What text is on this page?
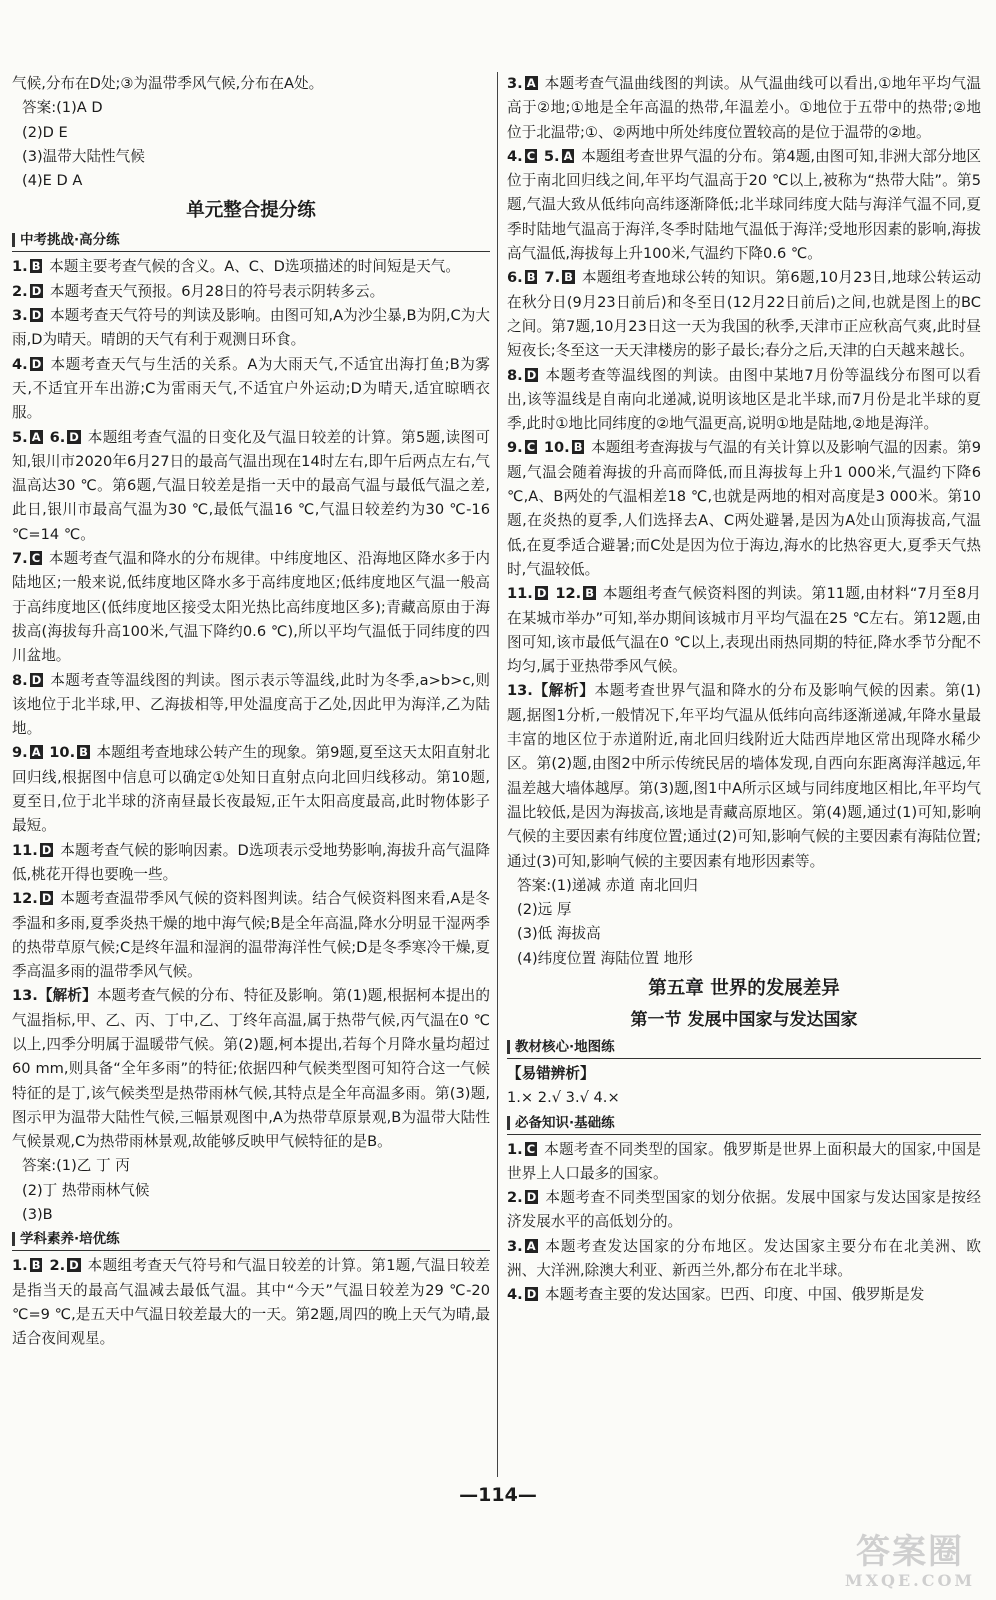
气候,分布在D处;③为温带季风气候,分布在A处。

答案:(1)A D

(2)D E

(3)温带大陆性气候

(4)E D A

单元整合提分练
中考挑战·高分练

1. B 本题主要考查气候的含义。A、C、D选项描述的时间短是天气。

2. D 本题考查天气预报。6月28日的符号表示阴转多云。

3. D 本题考查天气符号的判读及影响。由图可知,A为沙尘暴,B为阴,C为大雨,D为晴天。晴朗的天气有利于观测日环食。

4. D 本题考查天气与生活的关系。A为大雨天气,不适宜出海打鱼;B为雾天,不适宜开车出游;C为雷雨天气,不适宜户外运动;D为晴天,适宜晾晒衣服。

5. A 6. D 本题组考查气温的日变化及气温日较差的计算。第5题,读图可知,银川市2020年6月27日的最高气温出现在14时左右,即午后两点左右,气温高达30 ℃。第6题,气温日较差是指一天中的最高气温与最低气温之差,此日,银川市最高气温为30 ℃,最低气温16 ℃,气温日较差约为30 ℃-16 ℃=14 ℃。

7. C 本题考查气温和降水的分布规律。中纬度地区、沿海地区降水多于内陆地区;一般来说,低纬度地区降水多于高纬度地区;低纬度地区气温一般高于高纬度地区(低纬度地区接受太阳光热比高纬度地区多);青藏高原由于海拔高(海拔每升高100米,气温下降约0.6 ℃),所以平均气温低于同纬度的四川盆地。

8. D 本题考查等温线图的判读。图示表示等温线,此时为冬季,a>b>c,则该地位于北半球,甲、乙海拔相等,甲处温度高于乙处,因此甲为海洋,乙为陆地。

9. A 10. B 本题组考查地球公转产生的现象。第9题,夏至这天太阳直射北回归线,根据图中信息可以确定①处知日直射点向北回归线移动。第10题,夏至日,位于北半球的济南昼最长夜最短,正午太阳高度最高,此时物体影子最短。

11. D 本题考查气候的影响因素。D选项表示受地势影响,海拔升高气温降低,桃花开得也要晚一些。

12. D 本题考查温带季风气候的资料图判读。结合气候资料图来看,A是冬季温和多雨,夏季炎热干燥的地中海气候;B是全年高温,降水分明显干湿两季的热带草原气候;C是终年温和湿润的温带海洋性气候;D是冬季寒冷干燥,夏季高温多雨的温带季风气候。

13.【解析】本题考查气候的分布、特征及影响。第(1)题,根据柯本提出的气温指标,甲、乙、丙、丁中,乙、丁终年高温,属于热带气候,丙气温在0 ℃以上,四季分明属于温暖带气候。第(2)题,柯本提出,若每个月降水量均超过60 mm,则具备“全年多雨”的特征;依据四种气候类型图可知符合这一气候特征的是丁,该气候类型是热带雨林气候,其特点是全年高温多雨。第(3)题,图示甲为温带大陆性气候,三幅景观图中,A为热带草原景观,B为温带大陆性气候景观,C为热带雨林景观,故能够反映甲气候特征的是B。

答案:(1)乙 丁 丙

(2)丁 热带雨林气候

(3)B

学科素养·培优练

1. B 2. D 本题组考查天气符号和气温日较差的计算。第1题,气温日较差是指当天的最高气温减去最低气温。其中“今天”气温日较差为29 ℃-20 ℃=9 ℃,是五天中气温日较差最大的一天。第2题,周四的晚上天气为晴,最适合夜间观星。

3. A 本题考查气温曲线图的判读。从气温曲线可以看出,①地年平均气温高于②地;①地是全年高温的热带,年温差小。①地位于五带中的热带;②地位于北温带;①、②两地中所处纬度位置较高的是位于温带的②地。

4. C 5. A 本题组考查世界气温的分布。第4题,由图可知,非洲大部分地区位于南北回归线之间,年平均气温高于20 ℃以上,被称为“热带大陆”。第5题,气温大致从低纬向高纬逐渐降低;北半球同纬度大陆与海洋气温不同,夏季时陆地气温高于海洋,冬季时陆地气温低于海洋;受地形因素的影响,海拔高气温低,海拔每上升100米,气温约下降0.6 ℃。

6. B 7. B 本题组考查地球公转的知识。第6题,10月23日,地球公转运动在秋分日(9月23日前后)和冬至日(12月22日前后)之间,也就是图上的BC之间。第7题,10月23日这一天为我国的秋季,天津市正应秋高气爽,此时昼短夜长;冬至这一天天津楼房的影子最长;春分之后,天津的白天越来越长。

8. D 本题考查等温线图的判读。由图中某地7月份等温线分布图可以看出,该等温线是自南向北递减,说明该地区是北半球,而7月份是北半球的夏季,此时①地比同纬度的②地气温更高,说明①地是陆地,②地是海洋。

9. C 10. B 本题组考查海拔与气温的有关计算以及影响气温的因素。第9题,气温会随着海拔的升高而降低,而且海拔每上升1 000米,气温约下降6 ℃,A、B两处的气温相差18 ℃,也就是两地的相对高度是3 000米。第10题,在炎热的夏季,人们选择去A、C两处避暑,是因为A处山顶海拔高,气温低,在夏季适合避暑;而C处是因为位于海边,海水的比热容更大,夏季天气热时,气温较低。

11. D 12. B 本题组考查气候资料图的判读。第11题,由材料“7月至8月在某城市举办”可知,举办期间该城市月平均气温在25 ℃左右。第12题,由图可知,该市最低气温在0 ℃以上,表现出雨热同期的特征,降水季节分配不均匀,属于亚热带季风气候。

13.【解析】本题考查世界气温和降水的分布及影响气候的因素。第(1)题,据图1分析,一般情况下,年平均气温从低纬向高纬逐渐递减,年降水量最丰富的地区位于赤道附近,南北回归线附近大陆西岸地区常出现降水稀少区。第(2)题,由图2中所示传统民居的墙体发现,自西向东距离海洋越远,年温差越大墙体越厚。第(3)题,图1中A所示区域与同纬度地区相比,年平均气温比较低,是因为海拔高,该地是青藏高原地区。第(4)题,通过(1)可知,影响气候的主要因素有纬度位置;通过(2)可知,影响气候的主要因素有海陆位置;通过(3)可知,影响气候的主要因素有地形因素等。

答案:(1)递减 赤道 南北回归

(2)远 厚

(3)低 海拔高

(4)纬度位置 海陆位置 地形

第五章 世界的发展差异
第一节 发展中国家与发达国家
教材核心·地图练

【易错辨析】

1.× 2.√ 3.√ 4.×

必备知识·基础练

1. C 本题考查不同类型的国家。俄罗斯是世界上面积最大的国家,中国是世界上人口最多的国家。

2. D 本题考查不同类型国家的划分依据。发展中国家与发达国家是按经济发展水平的高低划分的。

3. A 本题考查发达国家的分布地区。发达国家主要分布在北美洲、欧洲、大洋洲,除澳大利亚、新西兰外,都分布在北半球。

4. D 本题考查主要的发达国家。巴西、印度、中国、俄罗斯是发

—114—
答案圈
MXQE.COM
